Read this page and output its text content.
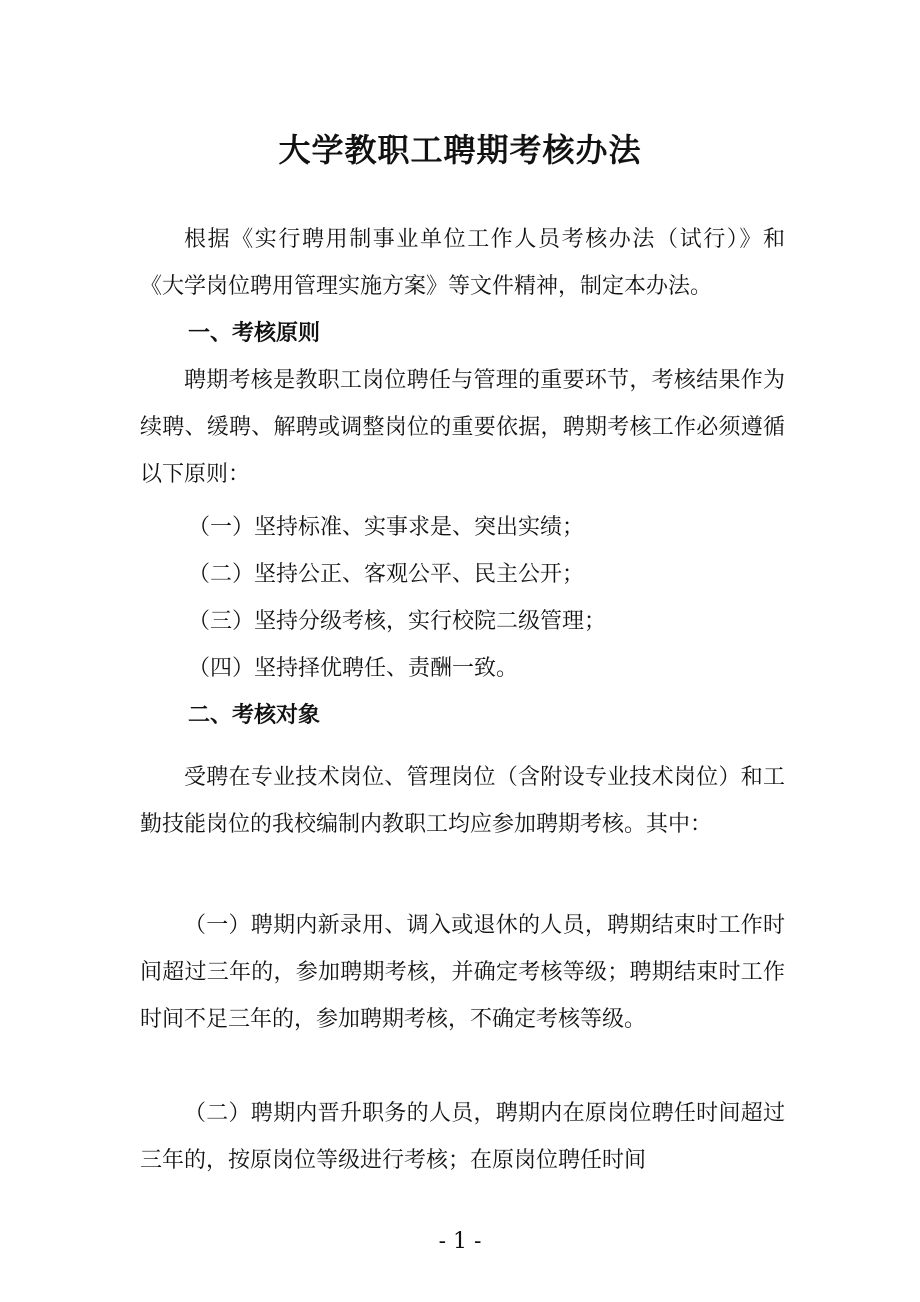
大学教职工聘期考核办法

根据《实行聘用制事业单位工作人员考核办法（试行）》和《大学岗位聘用管理实施方案》等文件精神，制定本办法。

一、考核原则

聘期考核是教职工岗位聘任与管理的重要环节，考核结果作为续聘、缓聘、解聘或调整岗位的重要依据，聘期考核工作必须遵循以下原则：

（一）坚持标准、实事求是、突出实绩；

（二）坚持公正、客观公平、民主公开；

（三）坚持分级考核，实行校院二级管理；

（四）坚持择优聘任、责酬一致。

二、考核对象

受聘在专业技术岗位、管理岗位（含附设专业技术岗位）和工勤技能岗位的我校编制内教职工均应参加聘期考核。其中：

（一）聘期内新录用、调入或退休的人员，聘期结束时工作时间超过三年的，参加聘期考核，并确定考核等级；聘期结束时工作时间不足三年的，参加聘期考核，不确定考核等级。

（二）聘期内晋升职务的人员，聘期内在原岗位聘任时间超过三年的，按原岗位等级进行考核；在原岗位聘任时间

- 1 -
